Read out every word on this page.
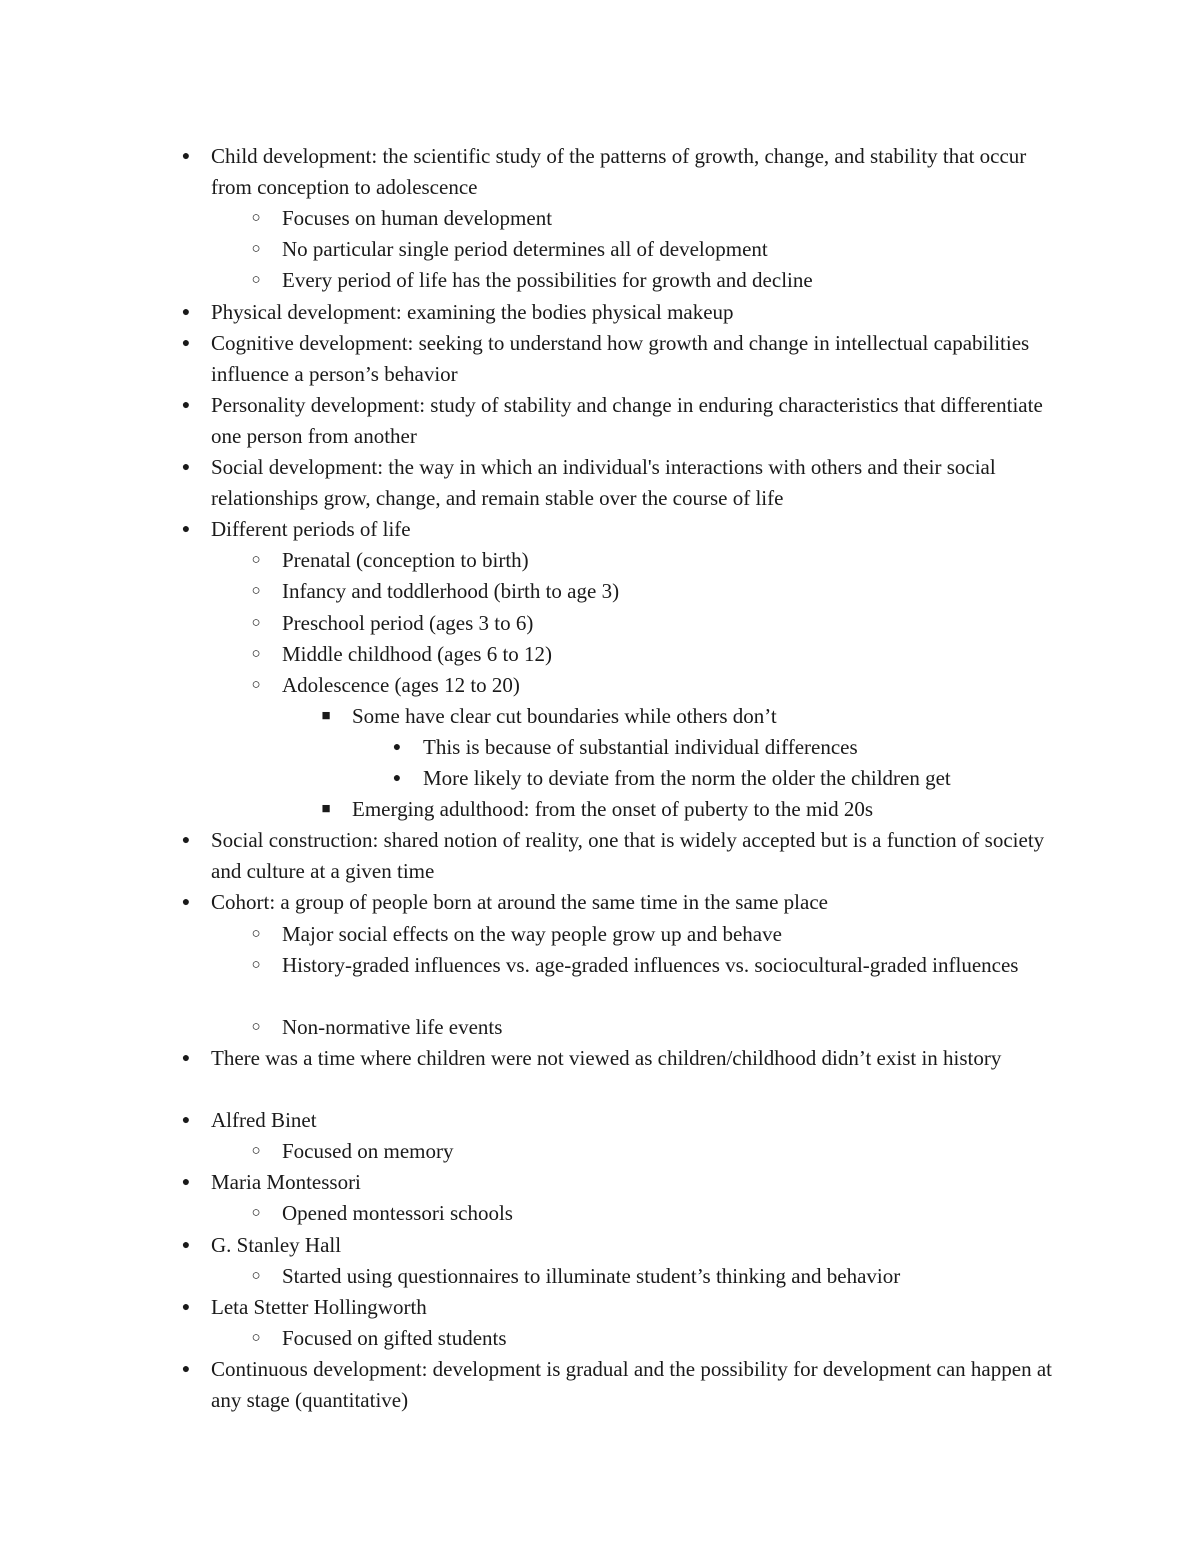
● Child development: the scientific study of the patterns of growth, change, and stability that occur from conception to adolescence
○ Focuses on human development
○ No particular single period determines all of development
○ Every period of life has the possibilities for growth and decline
● Physical development: examining the bodies physical makeup
● Cognitive development: seeking to understand how growth and change in intellectual capabilities influence a person’s behavior
● Personality development: study of stability and change in enduring characteristics that differentiate one person from another
● Social development: the way in which an individual's interactions with others and their social relationships grow, change, and remain stable over the course of life
● Different periods of life
○ Prenatal (conception to birth)
○ Infancy and toddlerhood (birth to age 3)
○ Preschool period (ages 3 to 6)
○ Middle childhood (ages 6 to 12)
○ Adolescence (ages 12 to 20)
■ Some have clear cut boundaries while others don’t
● This is because of substantial individual differences
● More likely to deviate from the norm the older the children get
■ Emerging adulthood: from the onset of puberty to the mid 20s
● Social construction: shared notion of reality, one that is widely accepted but is a function of society and culture at a given time
● Cohort: a group of people born at around the same time in the same place
○ Major social effects on the way people grow up and behave
○ History-graded influences vs. age-graded influences vs. sociocultural-graded influences
○ Non-normative life events
● There was a time where children were not viewed as children/childhood didn’t exist in history
● Alfred Binet
○ Focused on memory
● Maria Montessori
○ Opened montessori schools
● G. Stanley Hall
○ Started using questionnaires to illuminate student’s thinking and behavior
● Leta Stetter Hollingworth
○ Focused on gifted students
● Continuous development: development is gradual and the possibility for development can happen at any stage (quantitative)
